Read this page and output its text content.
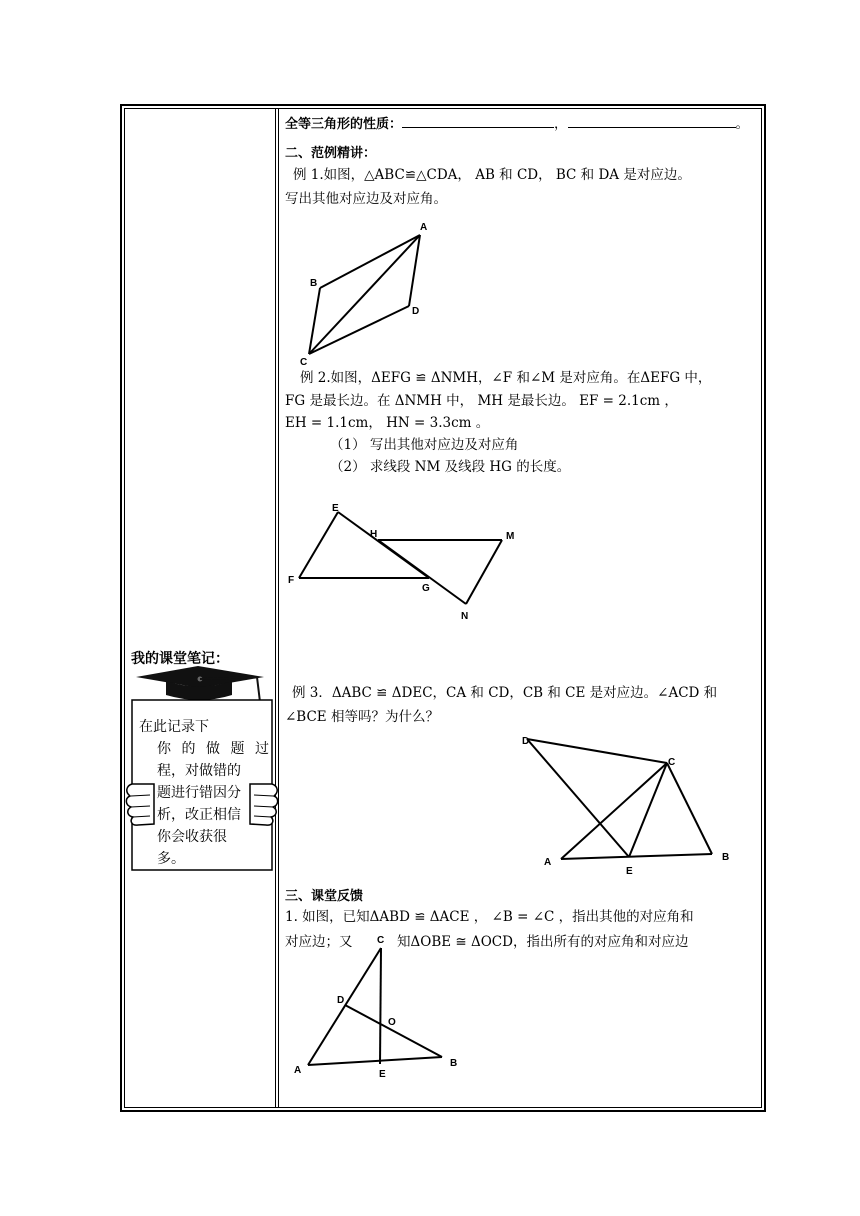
我的课堂笔记：
在此记录下
你 的 做 题 过
程，对做错的
题进行错因分
析，改正相信
你会收获很
多。
全等三角形的性质：	，	。
二、范例精讲：
例 1.如图，△ABC≌△CDA， AB 和 CD， BC 和 DA 是对应边。
写出其他对应边及对应角。
A
B
C
D
例 2.如图，ΔEFG ≌ ΔNMH，∠F 和∠M 是对应角。在ΔEFG 中，
FG 是最长边。在 ΔNMH 中， MH 是最长边。 EF = 2.1cm ，
EH = 1.1cm， HN = 3.3cm 。
（1） 写出其他对应边及对应角
（2） 求线段 NM 及线段 HG 的长度。
E
H	M
F
G
N
例 3．ΔABC ≌ ΔDEC，CA 和 CD，CB 和 CE 是对应边。∠ACD 和
∠BCE 相等吗？为什么？
D
C
A
E
B
三、课堂反馈
1. 如图，已知ΔABD ≌ ΔACE ， ∠B = ∠C ，指出其他的对应角和
对应边；又	知ΔOBE ≅ ΔOCD，指出所有的对应角和对应边
C
D
O
A	E
B
